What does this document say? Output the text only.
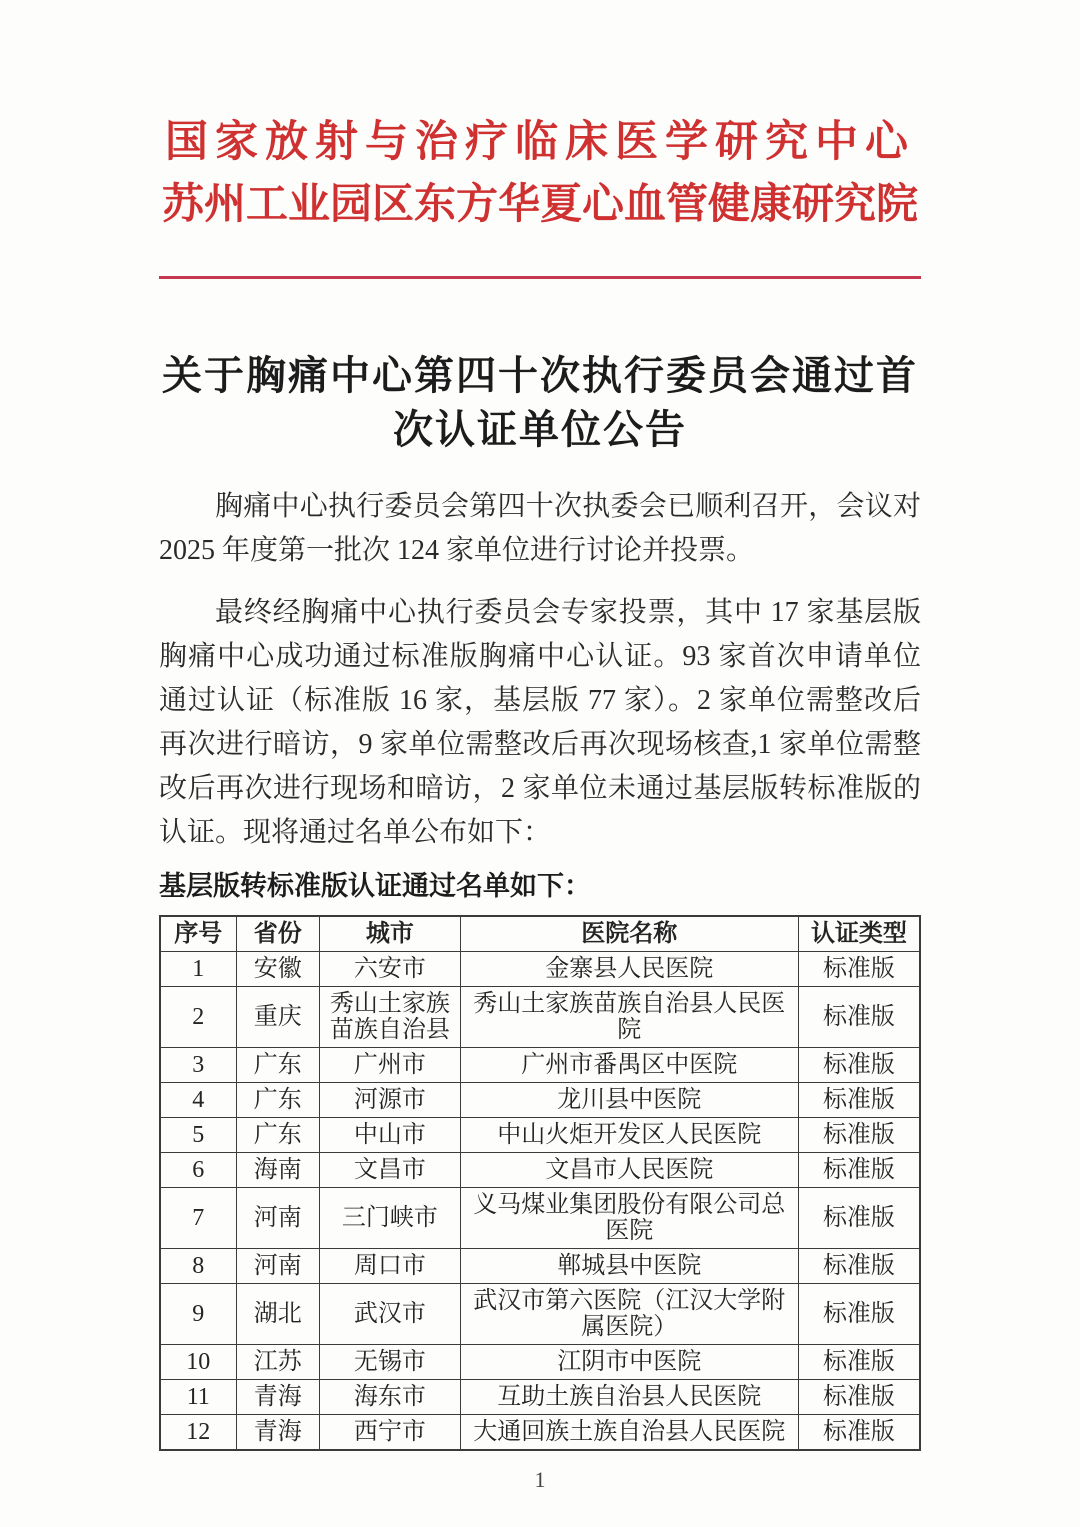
国家放射与治疗临床医学研究中心
苏州工业园区东方华夏心血管健康研究院
关于胸痛中心第四十次执行委员会通过首次认证单位公告

胸痛中心执行委员会第四十次执委会已顺利召开，会议对 2025 年度第一批次 124 家单位进行讨论并投票。

最终经胸痛中心执行委员会专家投票，其中 17 家基层版胸痛中心成功通过标准版胸痛中心认证。93 家首次申请单位通过认证（标准版 16 家，基层版 77 家）。2 家单位需整改后再次进行暗访，9 家单位需整改后再次现场核查,1 家单位需整改后再次进行现场和暗访，2 家单位未通过基层版转标准版的认证。现将通过名单公布如下：

基层版转标准版认证通过名单如下：
序号	省份	城市	医院名称	认证类型
1	安徽	六安市	金寨县人民医院	标准版
2	重庆	秀山土家族苗族自治县	秀山土家族苗族自治县人民医院	标准版
3	广东	广州市	广州市番禺区中医院	标准版
4	广东	河源市	龙川县中医院	标准版
5	广东	中山市	中山火炬开发区人民医院	标准版
6	海南	文昌市	文昌市人民医院	标准版
7	河南	三门峡市	义马煤业集团股份有限公司总医院	标准版
8	河南	周口市	郸城县中医院	标准版
9	湖北	武汉市	武汉市第六医院（江汉大学附属医院）	标准版
10	江苏	无锡市	江阴市中医院	标准版
11	青海	海东市	互助土族自治县人民医院	标准版
12	青海	西宁市	大通回族土族自治县人民医院	标准版
1
